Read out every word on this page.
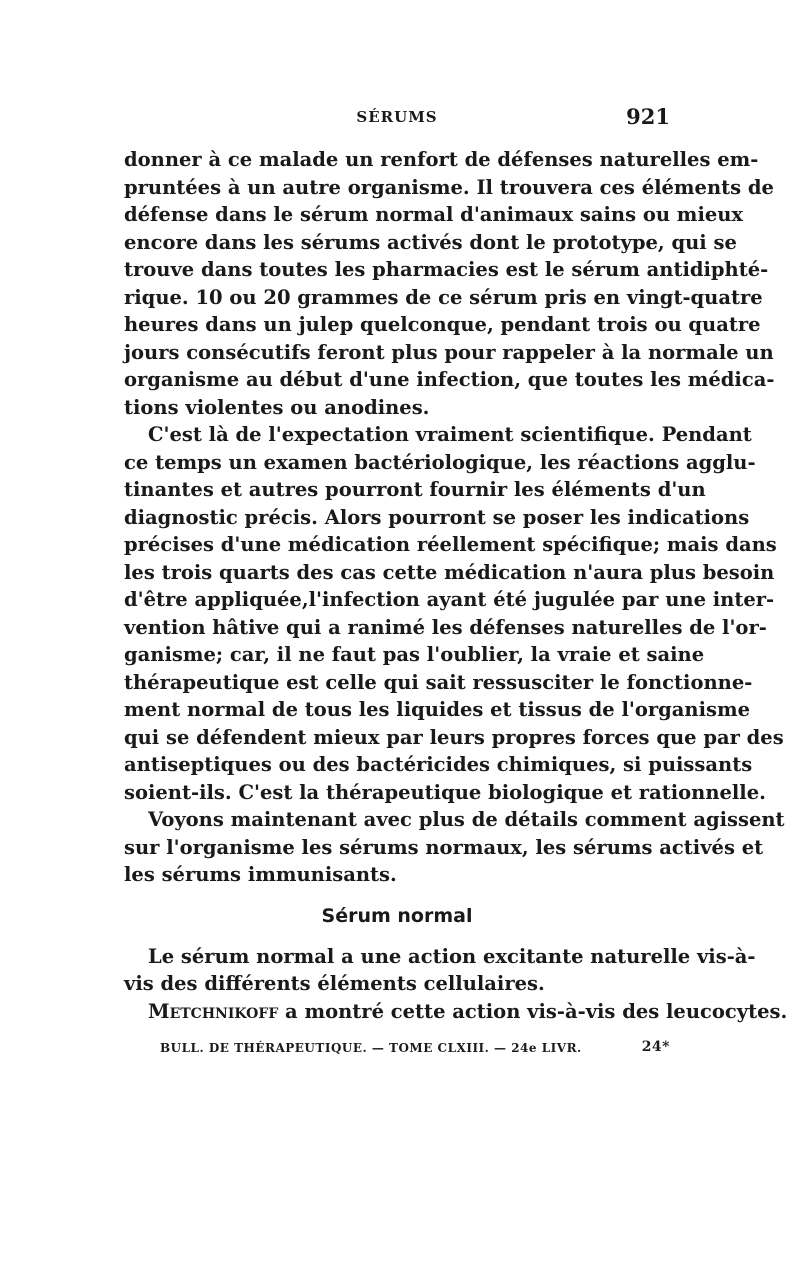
SÉRUMS	921
donner à ce malade un renfort de défenses naturelles em-
pruntées à un autre organisme. Il trouvera ces éléments de
défense dans le sérum normal d'animaux sains ou mieux
encore dans les sérums activés dont le prototype, qui se
trouve dans toutes les pharmacies est le sérum antidiphté-
rique. 10 ou 20 grammes de ce sérum pris en vingt-quatre
heures dans un julep quelconque, pendant trois ou quatre
jours consécutifs feront plus pour rappeler à la normale un
organisme au début d'une infection, que toutes les médica-
tions violentes ou anodines.
C'est là de l'expectation vraiment scientifique. Pendant
ce temps un examen bactériologique, les réactions agglu-
tinantes et autres pourront fournir les éléments d'un
diagnostic précis. Alors pourront se poser les indications
précises d'une médication réellement spécifique; mais dans
les trois quarts des cas cette médication n'aura plus besoin
d'être appliquée,l'infection ayant été jugulée par une inter-
vention hâtive qui a ranimé les défenses naturelles de l'or-
ganisme; car, il ne faut pas l'oublier, la vraie et saine
thérapeutique est celle qui sait ressusciter le fonctionne-
ment normal de tous les liquides et tissus de l'organisme
qui se défendent mieux par leurs propres forces que par des
antiseptiques ou des bactéricides chimiques, si puissants
soient-ils. C'est la thérapeutique biologique et rationnelle.
Voyons maintenant avec plus de détails comment agissent
sur l'organisme les sérums normaux, les sérums activés et
les sérums immunisants.
Sérum normal
Le sérum normal a une action excitante naturelle vis-à-
vis des différents éléments cellulaires.
Metchnikoff a montré cette action vis-à-vis des leucocytes.
BULL. DE THÉRAPEUTIQUE. — TOME CLXIII. — 24e LIVR.	24*
